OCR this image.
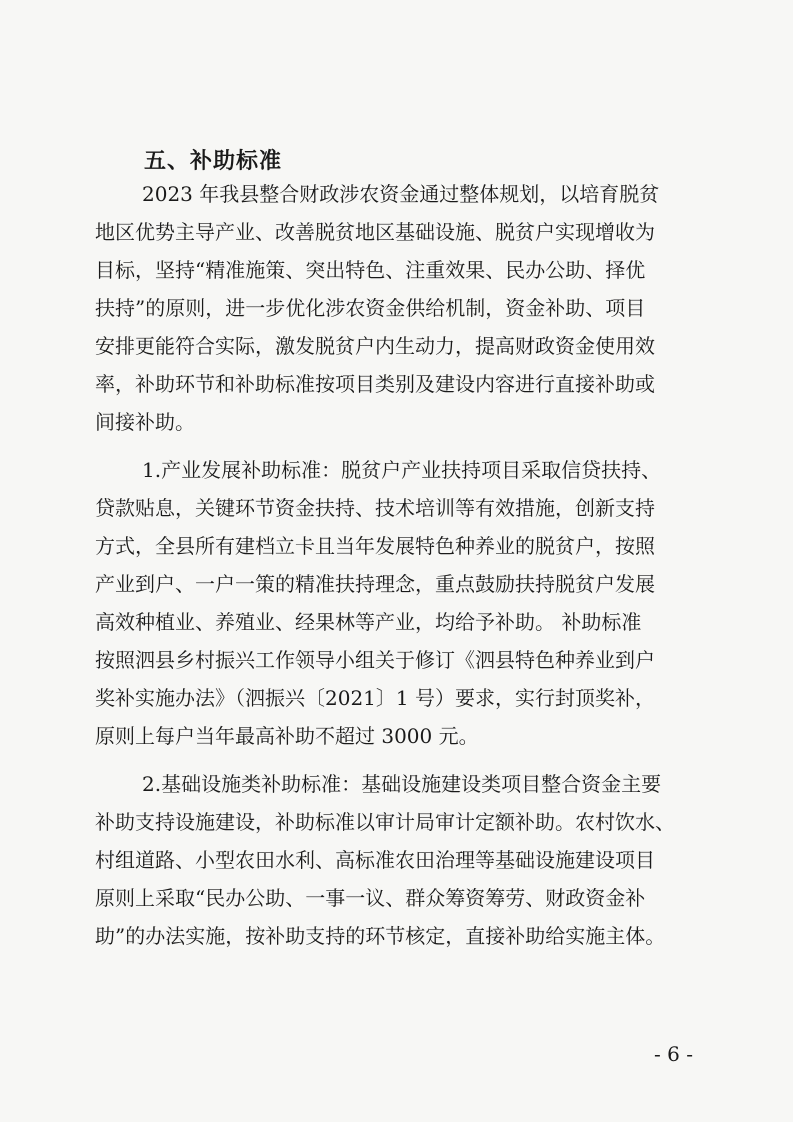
五、补助标准
2023 年我县整合财政涉农资金通过整体规划，以培育脱贫
地区优势主导产业、改善脱贫地区基础设施、脱贫户实现增收为
目标，坚持“精准施策、突出特色、注重效果、民办公助、择优
扶持”的原则，进一步优化涉农资金供给机制，资金补助、项目
安排更能符合实际，激发脱贫户内生动力，提高财政资金使用效
率，补助环节和补助标准按项目类别及建设内容进行直接补助或
间接补助。
1.产业发展补助标准：脱贫户产业扶持项目采取信贷扶持、
贷款贴息，关键环节资金扶持、技术培训等有效措施，创新支持
方式，全县所有建档立卡且当年发展特色种养业的脱贫户，按照
产业到户、一户一策的精准扶持理念，重点鼓励扶持脱贫户发展
高效种植业、养殖业、经果林等产业，均给予补助。 补助标准
按照泗县乡村振兴工作领导小组关于修订《泗县特色种养业到户
奖补实施办法》（泗振兴〔2021〕1 号）要求，实行封顶奖补，
原则上每户当年最高补助不超过 3000 元。
2.基础设施类补助标准：基础设施建设类项目整合资金主要
补助支持设施建设，补助标准以审计局审计定额补助。农村饮水、
村组道路、小型农田水利、高标准农田治理等基础设施建设项目
原则上采取“民办公助、一事一议、群众筹资筹劳、财政资金补
助”的办法实施，按补助支持的环节核定，直接补助给实施主体。
- 6 -
